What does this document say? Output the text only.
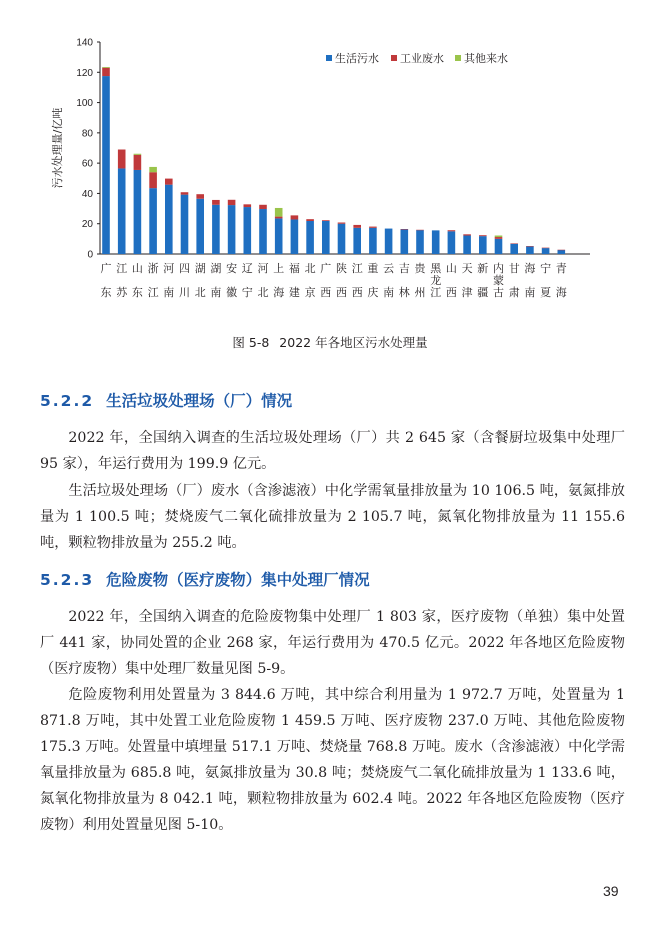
0
20
40
60
80
100
120
140
污水处理量/亿吨
广
东
江
苏
山
东
浙
江
河
南
四
川
湖
北
湖
南
安
徽
辽
宁
河
北
上
海
福
建
北
京
广
西
陕
西
江
西
重
庆
云
南
吉
林
贵
州
黑
龙
江
山
西
天
津
新
疆
内
蒙
古
甘
肃
海
南
宁
夏
青
海
生活污水 工业废水 其他来水
图 5-8 2022 年各地区污水处理量
5.2.2 生活垃圾处理场（厂）情况

2022 年，全国纳入调查的生活垃圾处理场（厂）共 2 645 家（含餐厨垃圾集中处理厂 95 家），年运行费用为 199.9 亿元。

生活垃圾处理场（厂）废水（含渗滤液）中化学需氧量排放量为 10 106.5 吨，氨氮排放量为 1 100.5 吨；焚烧废气二氧化硫排放量为 2 105.7 吨，氮氧化物排放量为 11 155.6 吨，颗粒物排放量为 255.2 吨。

5.2.3 危险废物（医疗废物）集中处理厂情况

2022 年，全国纳入调查的危险废物集中处理厂 1 803 家，医疗废物（单独）集中处置厂 441 家，协同处置的企业 268 家，年运行费用为 470.5 亿元。2022 年各地区危险废物（医疗废物）集中处理厂数量见图 5-9。

危险废物利用处置量为 3 844.6 万吨，其中综合利用量为 1 972.7 万吨，处置量为 1 871.8 万吨，其中处置工业危险废物 1 459.5 万吨、医疗废物 237.0 万吨、其他危险废物 175.3 万吨。处置量中填埋量 517.1 万吨、焚烧量 768.8 万吨。废水（含渗滤液）中化学需氧量排放量为 685.8 吨，氨氮排放量为 30.8 吨；焚烧废气二氧化硫排放量为 1 133.6 吨，氮氧化物排放量为 8 042.1 吨，颗粒物排放量为 602.4 吨。2022 年各地区危险废物（医疗废物）利用处置量见图 5-10。

39
